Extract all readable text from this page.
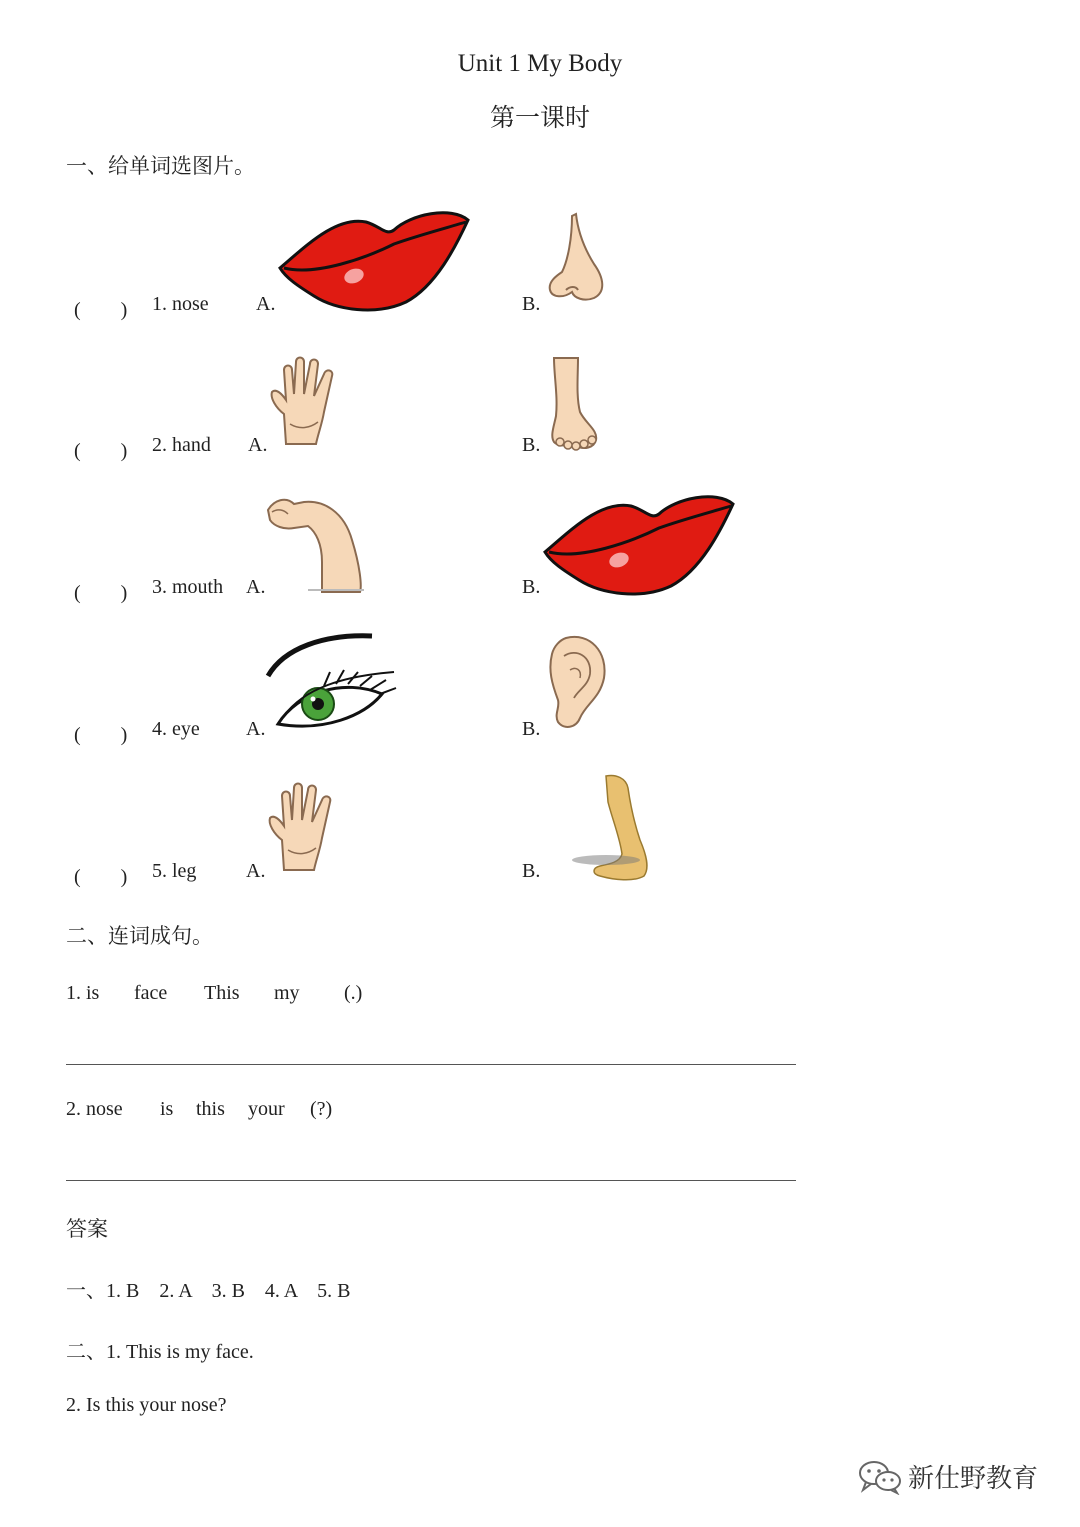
Unit 1 My Body
第一课时
一、给单词选图片。
(　　) 1. nose A.	B.
(　　) 2. hand A.	B.
(　　) 3. mouth A.	B.
(　　) 4. eye A.	B.
(　　) 5. leg A.	B.
二、连词成句。
1. is face This my (.)
2. nose is this your (?)
答案
一、1. B　2. A　3. B　4. A　5. B
二、1. This is my face.
2. Is this your nose?
新仕野教育
